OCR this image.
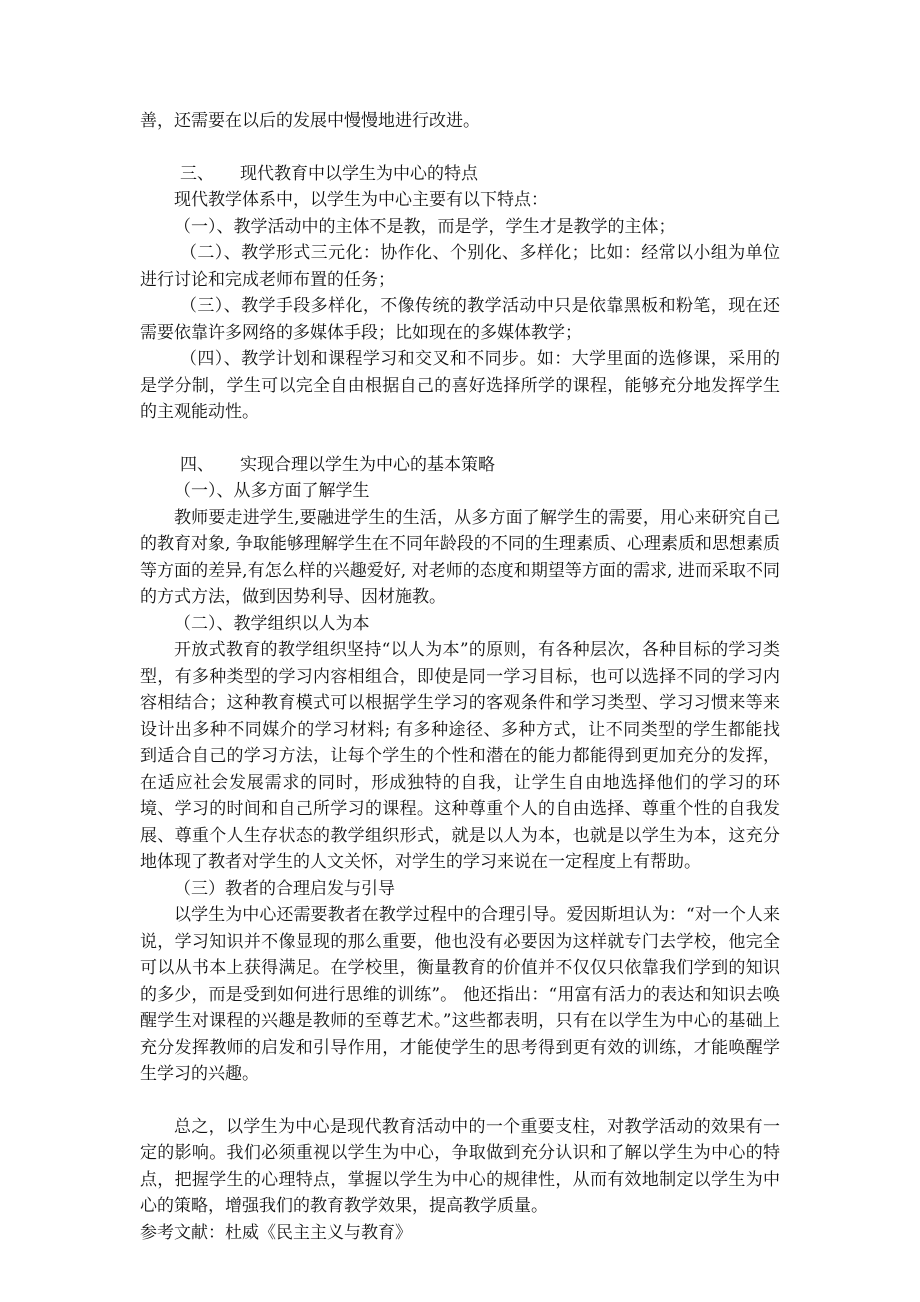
善，还需要在以后的发展中慢慢地进行改进。

三、 现代教育中以学生为中心的特点

现代教学体系中，以学生为中心主要有以下特点：

（一）、教学活动中的主体不是教，而是学，学生才是教学的主体；

（二）、教学形式三元化：协作化、个别化、多样化；比如：经常以小组为单位进行讨论和完成老师布置的任务；

（三）、教学手段多样化，不像传统的教学活动中只是依靠黑板和粉笔，现在还需要依靠许多网络的多媒体手段；比如现在的多媒体教学；

（四）、教学计划和课程学习和交叉和不同步。如：大学里面的选修课，采用的是学分制，学生可以完全自由根据自己的喜好选择所学的课程，能够充分地发挥学生的主观能动性。

四、 实现合理以学生为中心的基本策略

（一）、从多方面了解学生

教师要走进学生,要融进学生的生活，从多方面了解学生的需要，用心来研究自己的教育对象, 争取能够理解学生在不同年龄段的不同的生理素质、心理素质和思想素质等方面的差异,有怎么样的兴趣爱好, 对老师的态度和期望等方面的需求, 进而采取不同的方式方法，做到因势利导、因材施教。

（二）、教学组织以人为本

开放式教育的教学组织坚持“以人为本”的原则，有各种层次，各种目标的学习类型，有多种类型的学习内容相组合，即使是同一学习目标，也可以选择不同的学习内容相结合；这种教育模式可以根据学生学习的客观条件和学习类型、学习习惯来等来设计出多种不同媒介的学习材料; 有多种途径、多种方式，让不同类型的学生都能找到适合自己的学习方法，让每个学生的个性和潜在的能力都能得到更加充分的发挥，在适应社会发展需求的同时，形成独特的自我，让学生自由地选择他们的学习的环境、学习的时间和自己所学习的课程。这种尊重个人的自由选择、尊重个性的自我发展、尊重个人生存状态的教学组织形式，就是以人为本，也就是以学生为本，这充分地体现了教者对学生的人文关怀，对学生的学习来说在一定程度上有帮助。

（三）教者的合理启发与引导

以学生为中心还需要教者在教学过程中的合理引导。爱因斯坦认为：“对一个人来说，学习知识并不像显现的那么重要，他也没有必要因为这样就专门去学校，他完全可以从书本上获得满足。在学校里，衡量教育的价值并不仅仅只依靠我们学到的知识的多少，而是受到如何进行思维的训练”。 他还指出：“用富有活力的表达和知识去唤醒学生对课程的兴趣是教师的至尊艺术。”这些都表明，只有在以学生为中心的基础上充分发挥教师的启发和引导作用，才能使学生的思考得到更有效的训练，才能唤醒学生学习的兴趣。

总之，以学生为中心是现代教育活动中的一个重要支柱，对教学活动的效果有一定的影响。我们必须重视以学生为中心，争取做到充分认识和了解以学生为中心的特点，把握学生的心理特点，掌握以学生为中心的规律性，从而有效地制定以学生为中心的策略，增强我们的教育教学效果，提高教学质量。

参考文献：杜威《民主主义与教育》
